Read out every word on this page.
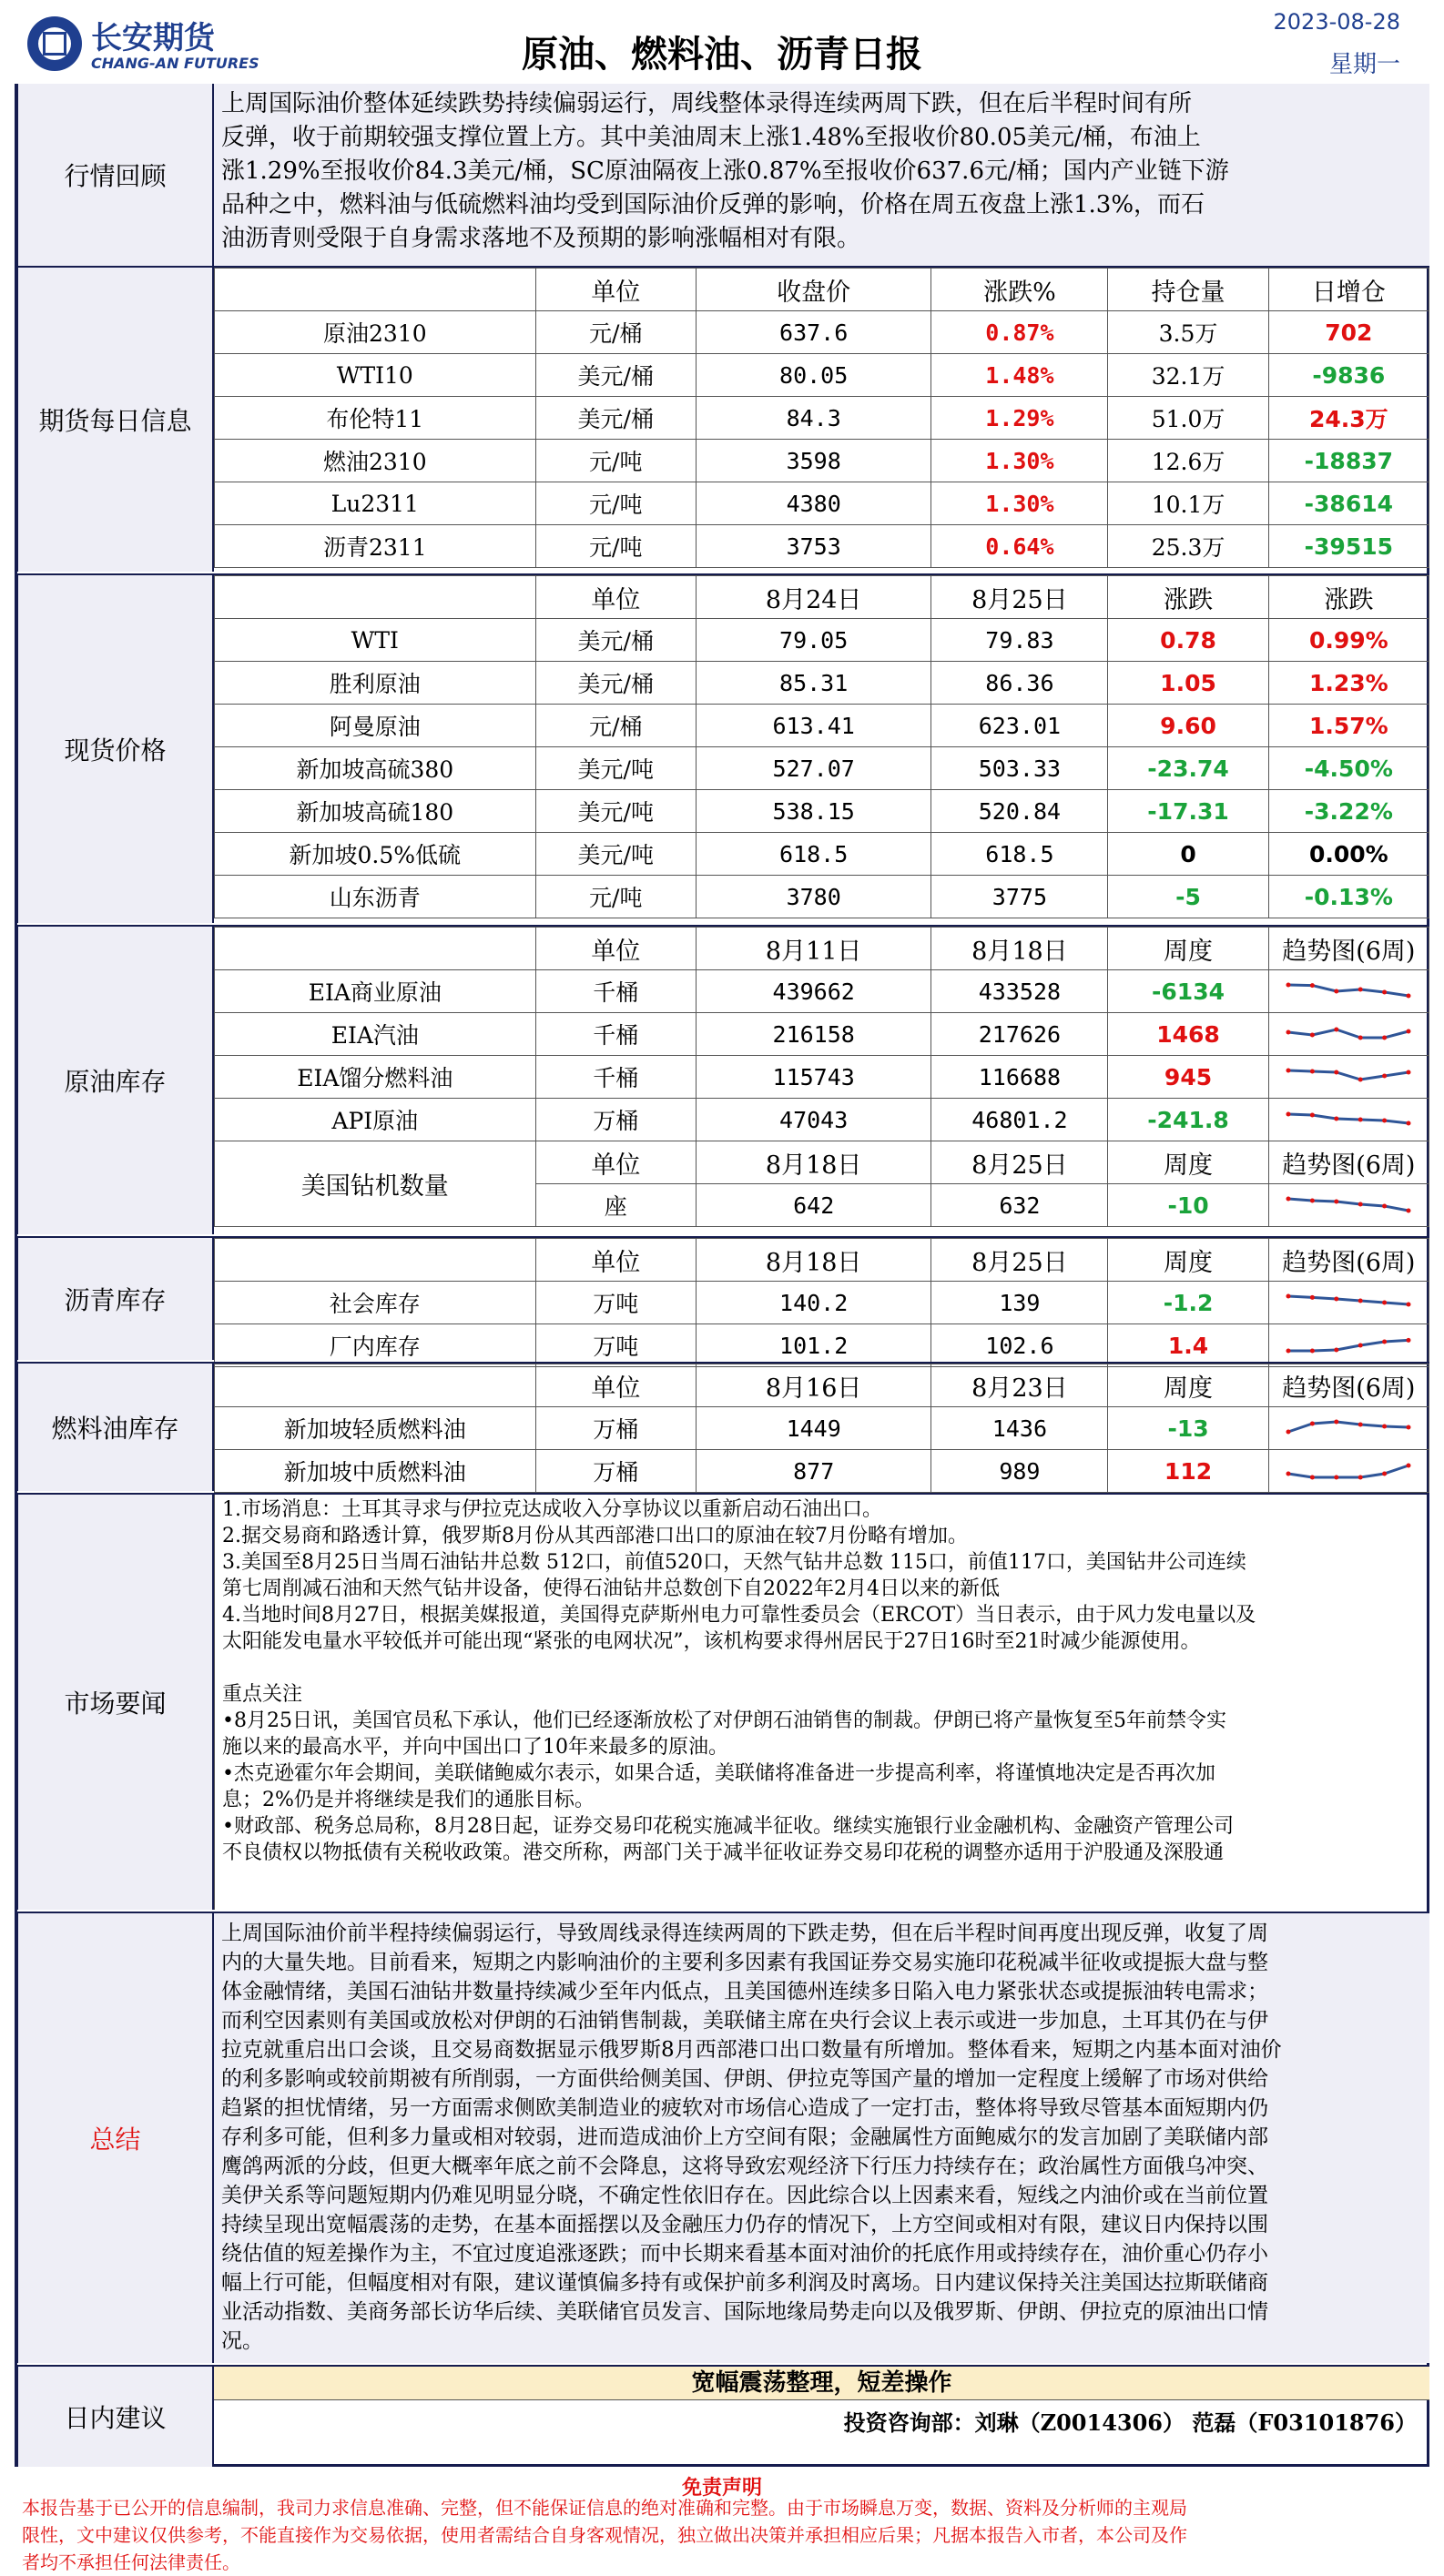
长安期货
CHANG-AN FUTURES	原油、燃料油、沥青日报
2023-08-28
星期一
行情回顾
上周国际油价整体延续跌势持续偏弱运行，周线整体录得连续两周下跌，但在后半程时间有所
反弹，收于前期较强支撑位置上方。其中美油周末上涨1.48%至报收价80.05美元/桶，布油上
涨1.29%至报收价84.3美元/桶，SC原油隔夜上涨0.87%至报收价637.6元/桶；国内产业链下游
品种之中，燃料油与低硫燃料油均受到国际油价反弹的影响，价格在周五夜盘上涨1.3%，而石
油沥青则受限于自身需求落地不及预期的影响涨幅相对有限。
期货每日信息
	单位	收盘价	涨跌%	持仓量	日增仓
原油2310	元/桶	637.6	0.87%	3.5万	702
WTI10	美元/桶	80.05	1.48%	32.1万	-9836
布伦特11	美元/桶	84.3	1.29%	51.0万	24.3万
燃油2310	元/吨	3598	1.30%	12.6万	-18837
Lu2311	元/吨	4380	1.30%	10.1万	-38614
沥青2311	元/吨	3753	0.64%	25.3万	-39515
现货价格
	单位	8月24日	8月25日	涨跌	涨跌
WTI	美元/桶	79.05	79.83	0.78	0.99%
胜利原油	美元/桶	85.31	86.36	1.05	1.23%
阿曼原油	元/桶	613.41	623.01	9.60	1.57%
新加坡高硫380	美元/吨	527.07	503.33	-23.74	-4.50%
新加坡高硫180	美元/吨	538.15	520.84	-17.31	-3.22%
新加坡0.5%低硫	美元/吨	618.5	618.5	0	0.00%
山东沥青	元/吨	3780	3775	-5	-0.13%
原油库存
	单位	8月11日	8月18日	周度	趋势图(6周)
EIA商业原油	千桶	439662	433528	-6134	

EIA汽油	千桶	216158	217626	1468	

EIA馏分燃料油	千桶	115743	116688	945	

API原油	万桶	47043	46801.2	-241.8	

美国钻机数量	单位	8月18日	8月25日	周度	趋势图(6周)
	座	642	632	-10	
沥青库存
	单位	8月18日	8月25日	周度	趋势图(6周)
社会库存	万吨	140.2	139	-1.2	

厂内库存	万吨	101.2	102.6	1.4	
燃料油库存
	单位	8月16日	8月23日	周度	趋势图(6周)
新加坡轻质燃料油	万桶	1449	1436	-13	

新加坡中质燃料油	万桶	877	989	112	
市场要闻
1.市场消息：土耳其寻求与伊拉克达成收入分享协议以重新启动石油出口。
2.据交易商和路透计算，俄罗斯8月份从其西部港口出口的原油在较7月份略有增加。
3.美国至8月25日当周石油钻井总数 512口，前值520口，天然气钻井总数 115口，前值117口，美国钻井公司连续
第七周削减石油和天然气钻井设备，使得石油钻井总数创下自2022年2月4日以来的新低
4.当地时间8月27日，根据美媒报道，美国得克萨斯州电力可靠性委员会（ERCOT）当日表示，由于风力发电量以及
太阳能发电量水平较低并可能出现“紧张的电网状况”，该机构要求得州居民于27日16时至21时减少能源使用。

重点关注
•8月25日讯，美国官员私下承认，他们已经逐渐放松了对伊朗石油销售的制裁。伊朗已将产量恢复至5年前禁令实
施以来的最高水平，并向中国出口了10年来最多的原油。
•杰克逊霍尔年会期间，美联储鲍威尔表示，如果合适，美联储将准备进一步提高利率，将谨慎地决定是否再次加
息；2%仍是并将继续是我们的通胀目标。
•财政部、税务总局称，8月28日起，证券交易印花税实施减半征收。继续实施银行业金融机构、金融资产管理公司
不良债权以物抵债有关税收政策。港交所称，两部门关于减半征收证券交易印花税的调整亦适用于沪股通及深股通
总结
上周国际油价前半程持续偏弱运行，导致周线录得连续两周的下跌走势，但在后半程时间再度出现反弹，收复了周
内的大量失地。目前看来，短期之内影响油价的主要利多因素有我国证券交易实施印花税减半征收或提振大盘与整
体金融情绪，美国石油钻井数量持续减少至年内低点，且美国德州连续多日陷入电力紧张状态或提振油转电需求；
而利空因素则有美国或放松对伊朗的石油销售制裁，美联储主席在央行会议上表示或进一步加息，土耳其仍在与伊
拉克就重启出口会谈，且交易商数据显示俄罗斯8月西部港口出口数量有所增加。整体看来，短期之内基本面对油价
的利多影响或较前期被有所削弱，一方面供给侧美国、伊朗、伊拉克等国产量的增加一定程度上缓解了市场对供给
趋紧的担忧情绪，另一方面需求侧欧美制造业的疲软对市场信心造成了一定打击，整体将导致尽管基本面短期内仍
存利多可能，但利多力量或相对较弱，进而造成油价上方空间有限；金融属性方面鲍威尔的发言加剧了美联储内部
鹰鸽两派的分歧，但更大概率年底之前不会降息，这将导致宏观经济下行压力持续存在；政治属性方面俄乌冲突、
美伊关系等问题短期内仍难见明显分晓，不确定性依旧存在。因此综合以上因素来看，短线之内油价或在当前位置
持续呈现出宽幅震荡的走势，在基本面摇摆以及金融压力仍存的情况下，上方空间或相对有限，建议日内保持以围
绕估值的短差操作为主，不宜过度追涨逐跌；而中长期来看基本面对油价的托底作用或持续存在，油价重心仍存小
幅上行可能，但幅度相对有限，建议谨慎偏多持有或保护前多利润及时离场。日内建议保持关注美国达拉斯联储商
业活动指数、美商务部长访华后续、美联储官员发言、国际地缘局势走向以及俄罗斯、伊朗、伊拉克的原油出口情
况。
日内建议
宽幅震荡整理，短差操作
投资咨询部：刘琳（Z0014306） 范磊（F03101876）
免责声明
本报告基于已公开的信息编制，我司力求信息准确、完整，但不能保证信息的绝对准确和完整。由于市场瞬息万变，数据、资料及分析师的主观局
限性，文中建议仅供参考，不能直接作为交易依据，使用者需结合自身客观情况，独立做出决策并承担相应后果；凡据本报告入市者，本公司及作
者均不承担任何法律责任。
